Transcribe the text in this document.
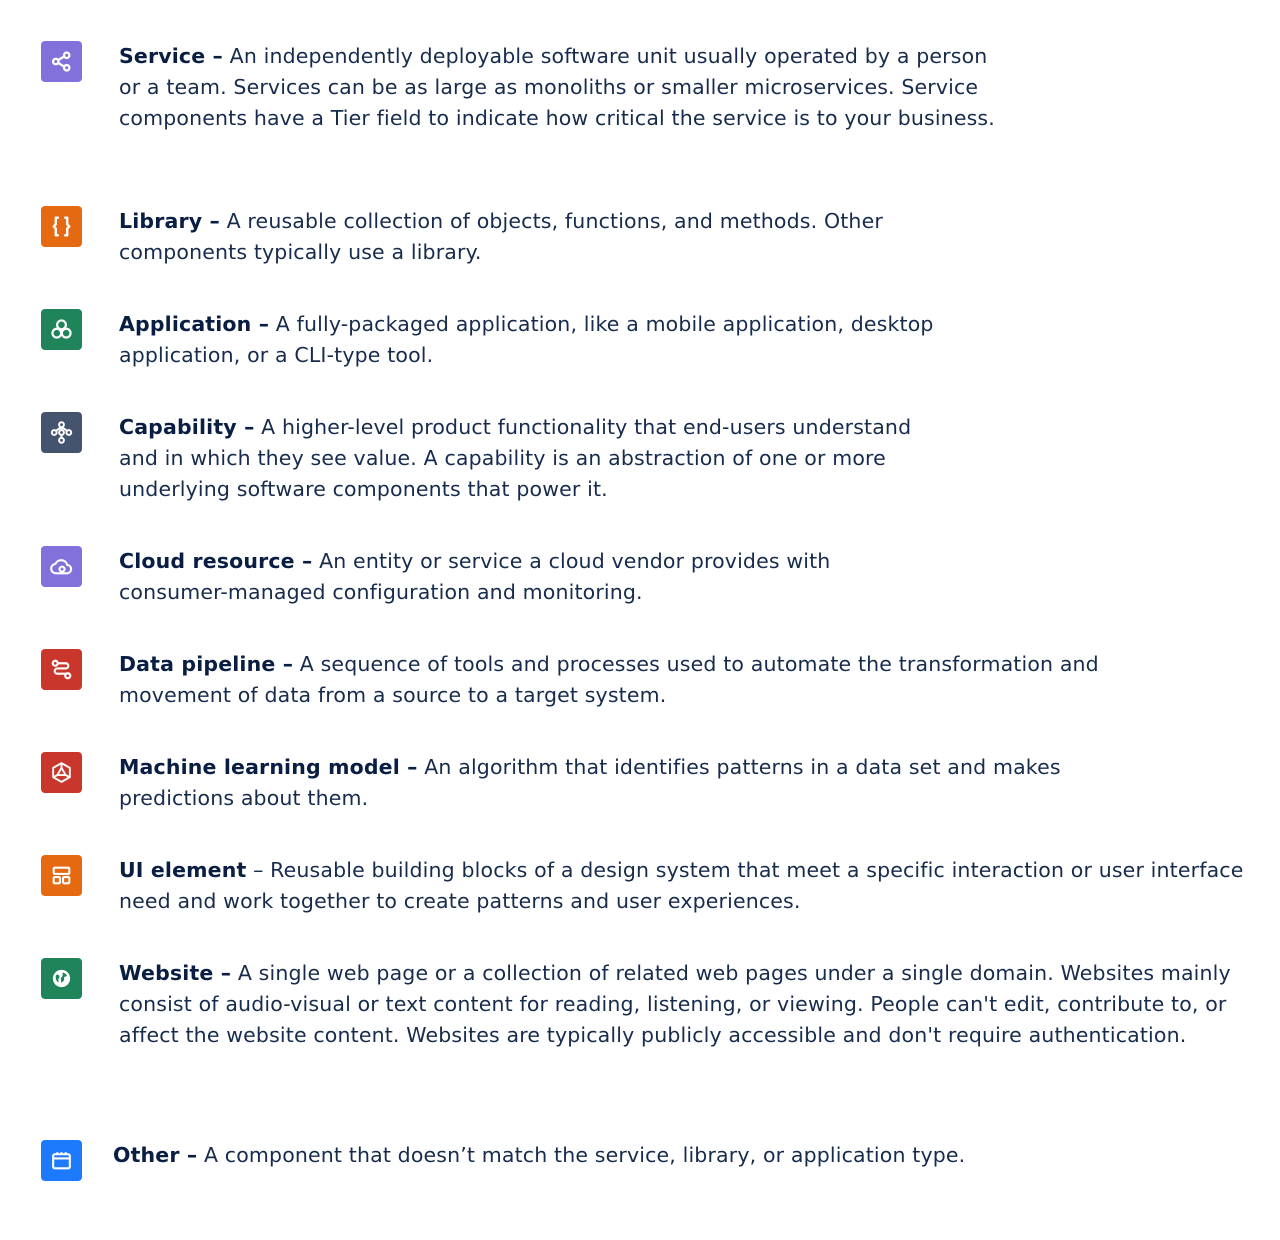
Service – An independently deployable software unit usually operated by a person or a team. Services can be as large as monoliths or smaller microservices. Service components have a Tier field to indicate how critical the service is to your business.

Library – A reusable collection of objects, functions, and methods. Other components typically use a library.

Application – A fully-packaged application, like a mobile application, desktop application, or a CLI-type tool.

Capability – A higher-level product functionality that end-users understand and in which they see value. A capability is an abstraction of one or more underlying software components that power it.

Cloud resource – An entity or service a cloud vendor provides with consumer-managed configuration and monitoring.

Data pipeline – A sequence of tools and processes used to automate the transformation and movement of data from a source to a target system.

Machine learning model – An algorithm that identifies patterns in a data set and makes predictions about them.

UI element – Reusable building blocks of a design system that meet a specific interaction or user interface need and work together to create patterns and user experiences.

Website – A single web page or a collection of related web pages under a single domain. Websites mainly consist of audio-visual or text content for reading, listening, or viewing. People can't edit, contribute to, or affect the website content. Websites are typically publicly accessible and don't require authentication.

Other – A component that doesn’t match the service, library, or application type.
